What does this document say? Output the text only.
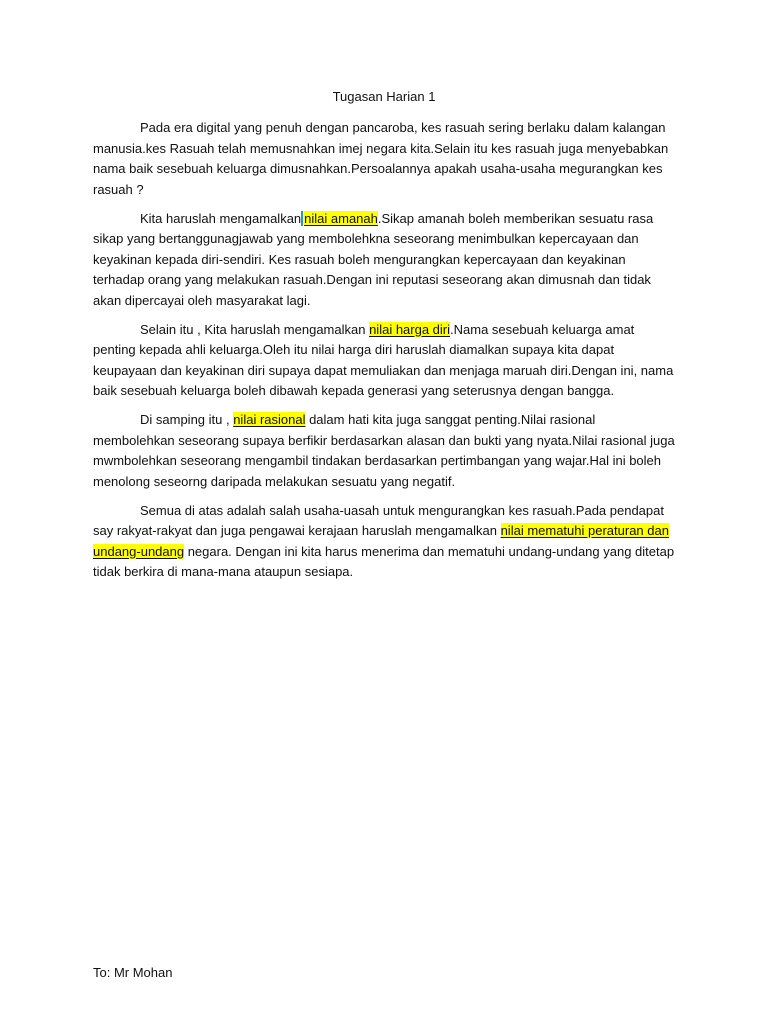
Tugasan Harian 1

Pada era digital yang penuh dengan pancaroba, kes rasuah sering berlaku dalam kalangan manusia.kes Rasuah telah memusnahkan imej negara kita.Selain itu kes rasuah juga menyebabkan nama baik sesebuah keluarga dimusnahkan.Persoalannya apakah usaha-usaha megurangkan kes rasuah ?

Kita haruslah mengamalkan nilai amanah.Sikap amanah boleh memberikan sesuatu rasa sikap yang bertanggunagjawab yang membolehkna seseorang menimbulkan kepercayaan dan keyakinan kepada diri-sendiri. Kes rasuah boleh mengurangkan kepercayaan dan keyakinan terhadap orang yang melakukan rasuah.Dengan ini reputasi seseorang akan dimusnah dan tidak akan dipercayai oleh masyarakat lagi.

Selain itu , Kita haruslah mengamalkan nilai harga diri.Nama sesebuah keluarga amat penting kepada ahli keluarga.Oleh itu nilai harga diri haruslah diamalkan supaya kita dapat keupayaan dan keyakinan diri supaya dapat memuliakan dan menjaga maruah diri.Dengan ini, nama baik sesebuah keluarga boleh dibawah kepada generasi yang seterusnya dengan bangga.

Di samping itu , nilai rasional dalam hati kita juga sanggat penting.Nilai rasional membolehkan seseorang supaya berfikir berdasarkan alasan dan bukti yang nyata.Nilai rasional juga mwmbolehkan seseorang mengambil tindakan berdasarkan pertimbangan yang wajar.Hal ini boleh menolong seseorng daripada melakukan sesuatu yang negatif.

Semua di atas adalah salah usaha-uasah untuk mengurangkan kes rasuah.Pada pendapat say rakyat-rakyat dan juga pengawai kerajaan haruslah mengamalkan nilai mematuhi peraturan dan undang-undang negara. Dengan ini kita harus menerima dan mematuhi undang-undang yang ditetap tidak berkira di mana-mana ataupun sesiapa.

To: Mr Mohan
